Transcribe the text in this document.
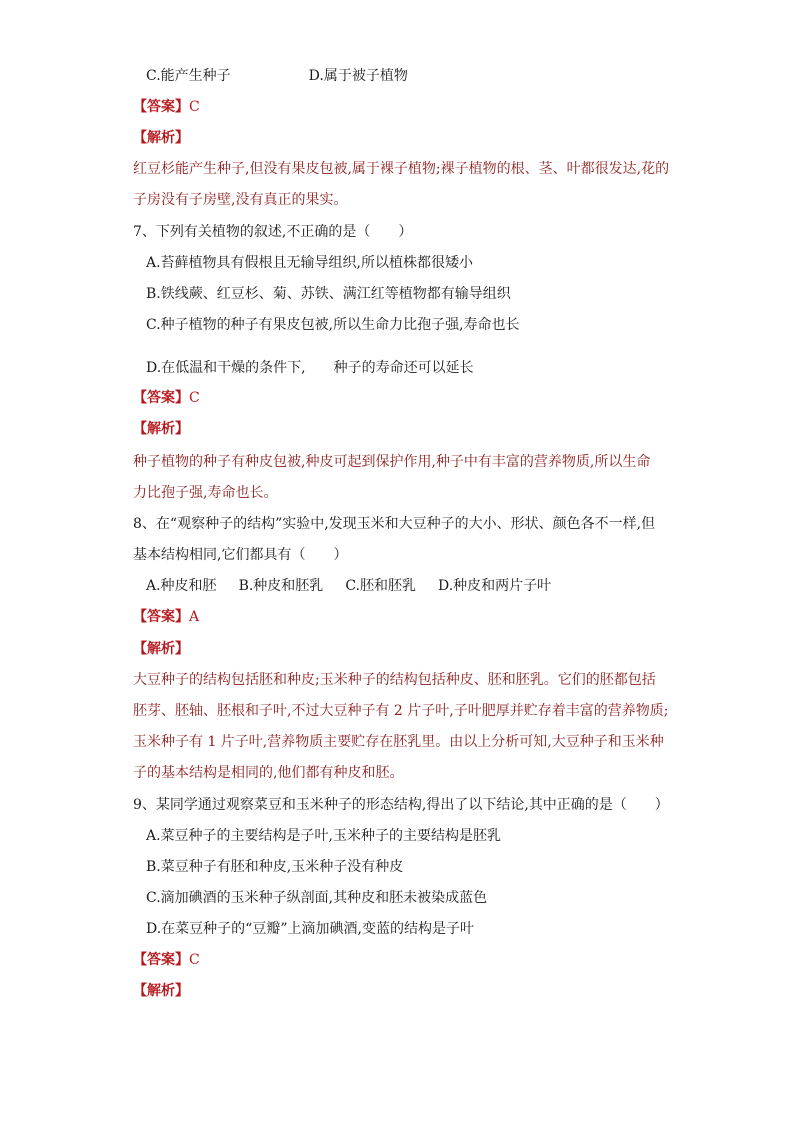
C.能产生种子	D.属于被子植物
【答案】C
【解析】
红豆杉能产生种子,但没有果皮包被,属于裸子植物;裸子植物的根、茎、叶都很发达,花的
子房没有子房壁,没有真正的果实。
7、下列有关植物的叙述,不正确的是（　　）
A.苔藓植物具有假根且无输导组织,所以植株都很矮小
B.铁线蕨、红豆杉、菊、苏铁、满江红等植物都有输导组织
C.种子植物的种子有果皮包被,所以生命力比孢子强,寿命也长
D.在低温和干燥的条件下,　　种子的寿命还可以延长
【答案】C
【解析】
种子植物的种子有种皮包被,种皮可起到保护作用,种子中有丰富的营养物质,所以生命
力比孢子强,寿命也长。
8、在“观察种子的结构”实验中,发现玉米和大豆种子的大小、形状、颜色各不一样,但
基本结构相同,它们都具有（　　）
A.种皮和胚 B.种皮和胚乳 C.胚和胚乳 D.种皮和两片子叶
【答案】A
【解析】
大豆种子的结构包括胚和种皮;玉米种子的结构包括种皮、胚和胚乳。它们的胚都包括
胚芽、胚轴、胚根和子叶,不过大豆种子有 2 片子叶,子叶肥厚并贮存着丰富的营养物质;
玉米种子有 1 片子叶,营养物质主要贮存在胚乳里。由以上分析可知,大豆种子和玉米种
子的基本结构是相同的,他们都有种皮和胚。
9、某同学通过观察菜豆和玉米种子的形态结构,得出了以下结论,其中正确的是（　　）
A.菜豆种子的主要结构是子叶,玉米种子的主要结构是胚乳
B.菜豆种子有胚和种皮,玉米种子没有种皮
C.滴加碘酒的玉米种子纵剖面,其种皮和胚未被染成蓝色
D.在菜豆种子的“豆瓣”上滴加碘酒,变蓝的结构是子叶
【答案】C
【解析】
